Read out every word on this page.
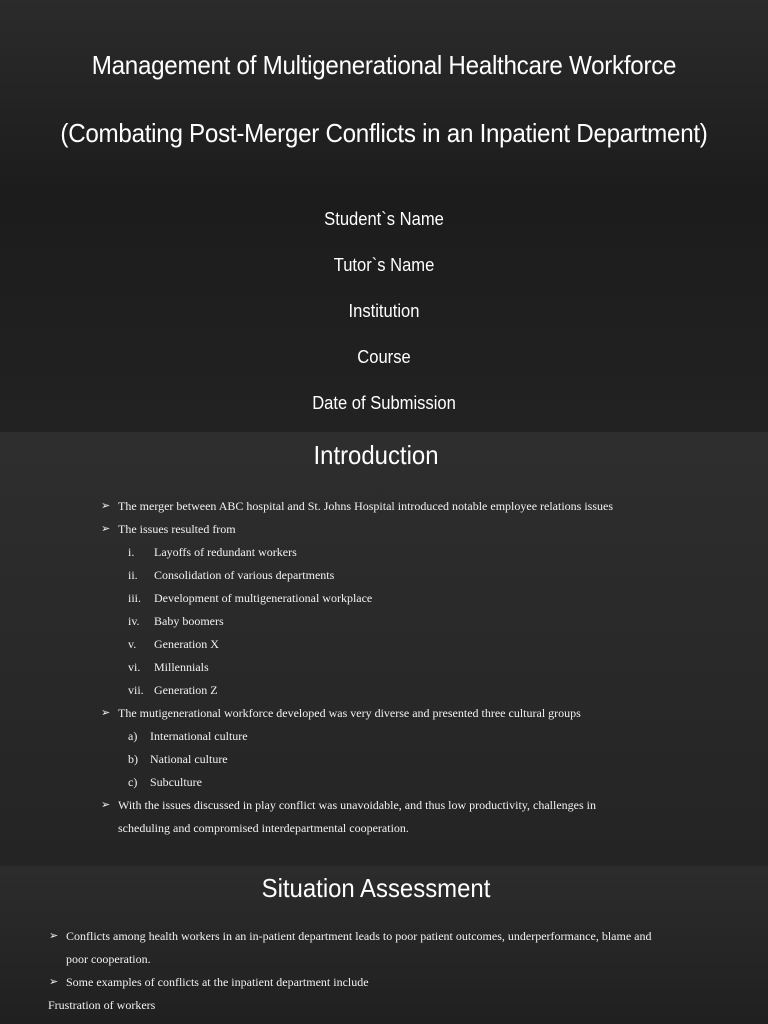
Management of Multigenerational Healthcare Workforce
(Combating Post-Merger Conflicts in an Inpatient Department)
Student`s Name
Tutor`s Name
Institution
Course
Date of Submission
Introduction
➢ The merger between ABC hospital and St. Johns Hospital introduced notable employee relations issues
➢ The issues resulted from
i. Layoffs of redundant workers
ii. Consolidation of various departments
iii. Development of multigenerational workplace
iv. Baby boomers
v. Generation X
vi. Millennials
vii. Generation Z
➢ The mutigenerational workforce developed was very diverse and presented three cultural groups
a) International culture
b) National culture
c) Subculture
➢ With the issues discussed in play conflict was unavoidable, and thus low productivity, challenges in
scheduling and compromised interdepartmental cooperation.
Situation Assessment
➢ Conflicts among health workers in an in-patient department leads to poor patient outcomes, underperformance, blame and
poor cooperation.
➢ Some examples of conflicts at the inpatient department include
Frustration of workers
